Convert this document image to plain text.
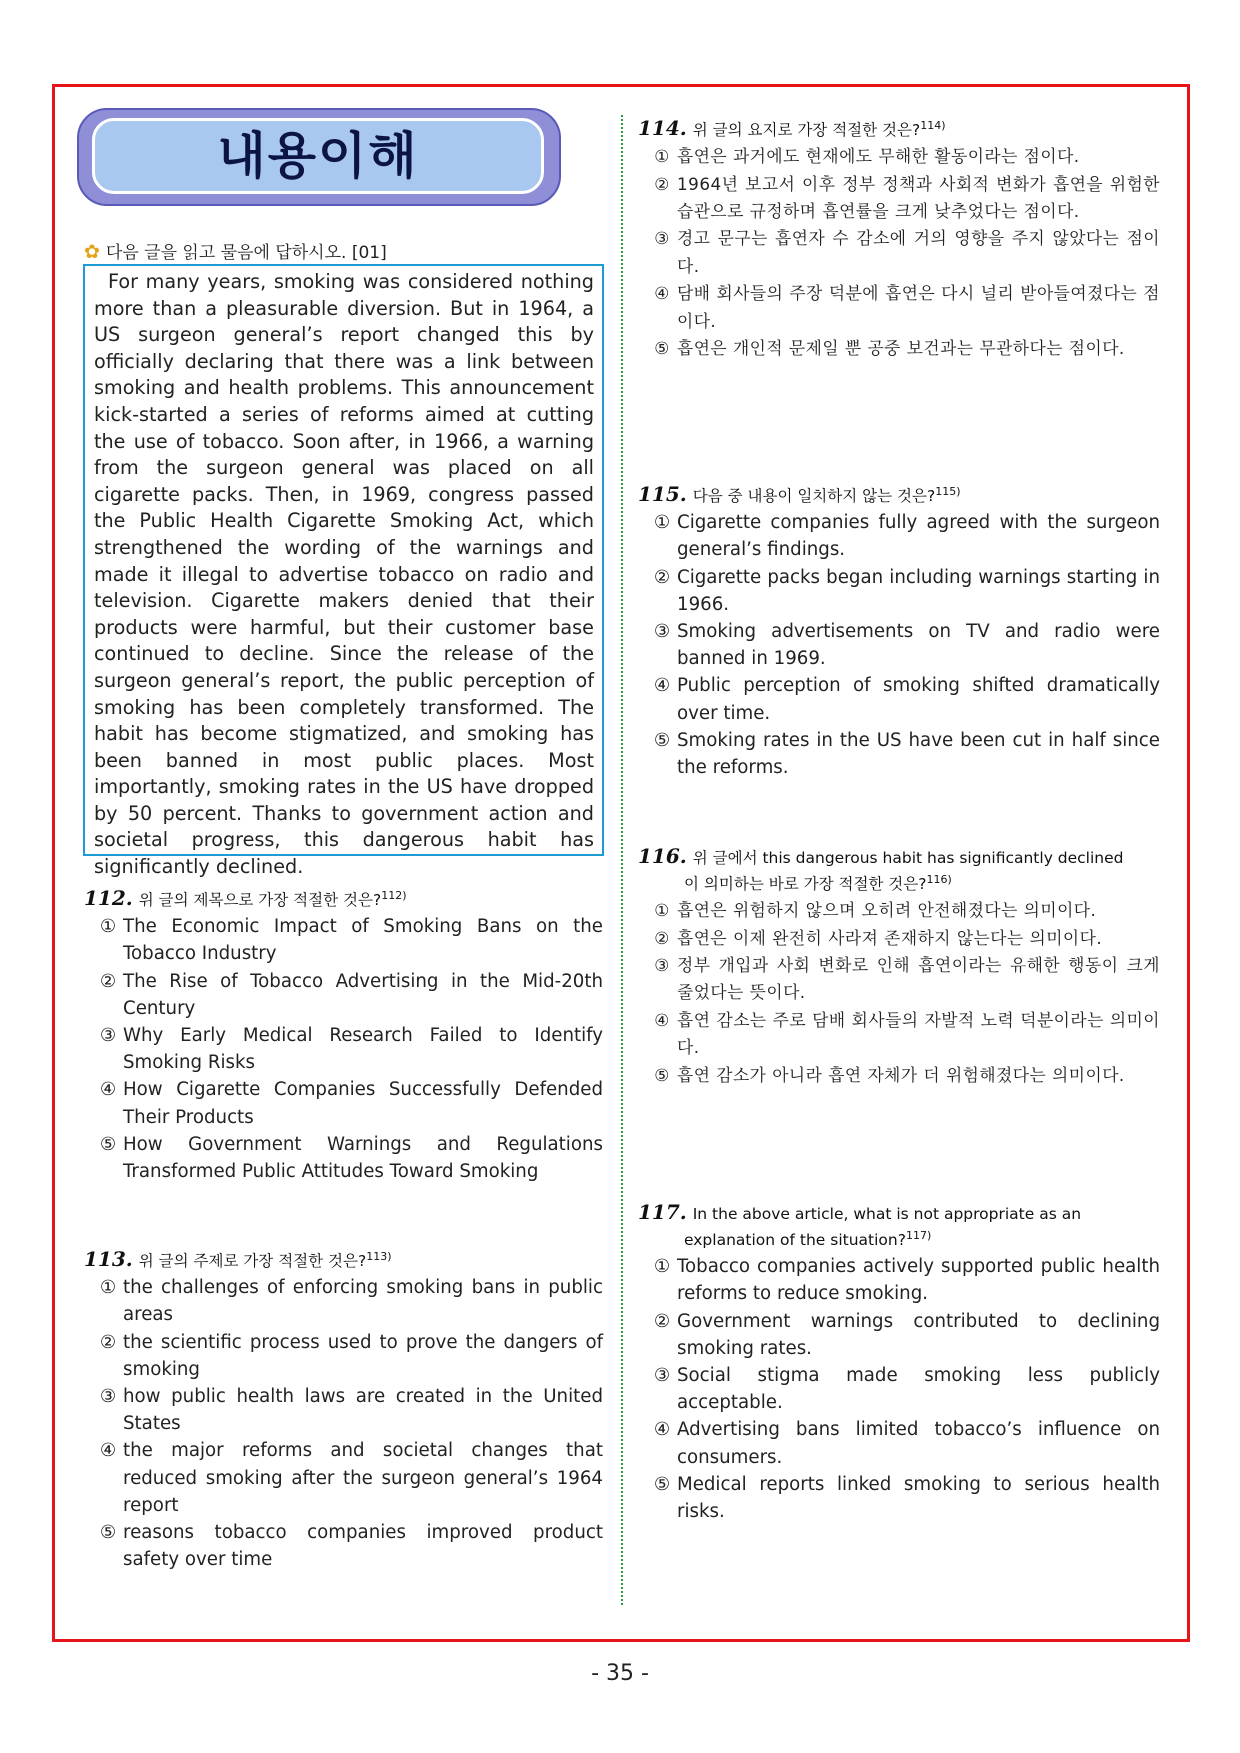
내용이해
✿ 다음 글을 읽고 물음에 답하시오. [01]

For many years, smoking was considered nothing more than a pleasurable diversion. But in 1964, a US surgeon general’s report changed this by officially declaring that there was a link between smoking and health problems. This announcement kick-started a series of reforms aimed at cutting the use of tobacco. Soon after, in 1966, a warning from the surgeon general was placed on all cigarette packs. Then, in 1969, congress passed the Public Health Cigarette Smoking Act, which strengthened the wording of the warnings and made it illegal to advertise tobacco on radio and television. Cigarette makers denied that their products were harmful, but their customer base continued to decline. Since the release of the surgeon general’s report, the public perception of smoking has been completely transformed. The habit has become stigmatized, and smoking has been banned in most public places. Most importantly, smoking rates in the US have dropped by 50 percent. Thanks to government action and societal progress, this dangerous habit has significantly declined.

112. 위 글의 제목으로 가장 적절한 것은?$^{112)}$
① The Economic Impact of Smoking Bans on the Tobacco Industry
② The Rise of Tobacco Advertising in the Mid-20th Century
③ Why Early Medical Research Failed to Identify Smoking Risks
④ How Cigarette Companies Successfully Defended Their Products
⑤ How Government Warnings and Regulations Transformed Public Attitudes Toward Smoking
113. 위 글의 주제로 가장 적절한 것은?$^{113)}$
① the challenges of enforcing smoking bans in public areas
② the scientific process used to prove the dangers of smoking
③ how public health laws are created in the United States
④ the major reforms and societal changes that reduced smoking after the surgeon general’s 1964 report
⑤ reasons tobacco companies improved product safety over time
114. 위 글의 요지로 가장 적절한 것은?$^{114)}$
① 흡연은 과거에도 현재에도 무해한 활동이라는 점이다.
② 1964년 보고서 이후 정부 정책과 사회적 변화가 흡연을 위험한 습관으로 규정하며 흡연률을 크게 낮추었다는 점이다.
③ 경고 문구는 흡연자 수 감소에 거의 영향을 주지 않았다는 점이다.
④ 담배 회사들의 주장 덕분에 흡연은 다시 널리 받아들여졌다는 점이다.
⑤ 흡연은 개인적 문제일 뿐 공중 보건과는 무관하다는 점이다.
115. 다음 중 내용이 일치하지 않는 것은?$^{115)}$
① Cigarette companies fully agreed with the surgeon general’s findings.
② Cigarette packs began including warnings starting in 1966.
③ Smoking advertisements on TV and radio were banned in 1969.
④ Public perception of smoking shifted dramatically over time.
⑤ Smoking rates in the US have been cut in half since the reforms.
116. 위 글에서 this dangerous habit has significantly declined
이 의미하는 바로 가장 적절한 것은?$^{116)}$
① 흡연은 위험하지 않으며 오히려 안전해졌다는 의미이다.
② 흡연은 이제 완전히 사라져 존재하지 않는다는 의미이다.
③ 정부 개입과 사회 변화로 인해 흡연이라는 유해한 행동이 크게 줄었다는 뜻이다.
④ 흡연 감소는 주로 담배 회사들의 자발적 노력 덕분이라는 의미이다.
⑤ 흡연 감소가 아니라 흡연 자체가 더 위험해졌다는 의미이다.
117. In the above article, what is not appropriate as an
explanation of the situation?$^{117)}$
① Tobacco companies actively supported public health reforms to reduce smoking.
② Government warnings contributed to declining smoking rates.
③ Social stigma made smoking less publicly acceptable.
④ Advertising bans limited tobacco’s influence on consumers.
⑤ Medical reports linked smoking to serious health risks.
- 35 -
